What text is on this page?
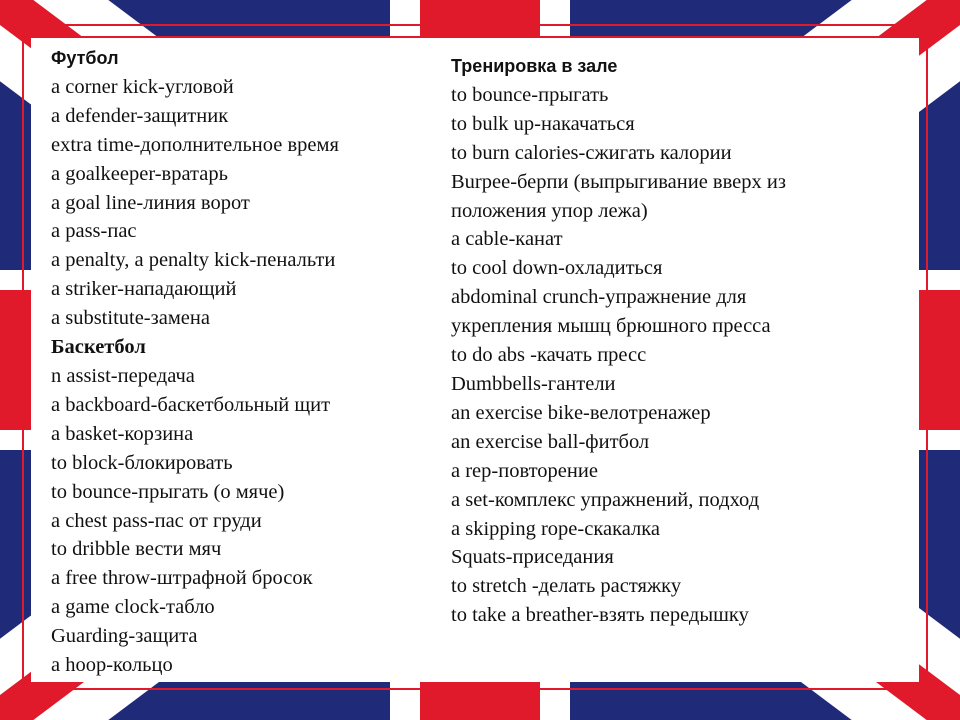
Футбол
a corner kick-угловой
a defender-защитник
extra time-дополнительное время
a goalkeeper-вратарь
a goal line-линия ворот
a pass-пас
a penalty, a penalty kick-пенальти
a striker-нападающий
a substitute-замена
Баскетбол
n assist-передача
a backboard-баскетбольный щит
a basket-корзина
to block-блокировать
to bounce-прыгать (о мяче)
a chest pass-пас от груди
to dribble вести мяч
a free throw-штрафной бросок
a game clock-табло
Guarding-защита
a hoop-кольцо
Тренировка в зале
to bounce-прыгать
to bulk up-накачаться
to burn calories-сжигать калории
Burpee-берпи (выпрыгивание вверх из положения упор лежа)
a cable-канат
to cool down-охладиться
abdominal crunch-упражнение для укрепления мышц брюшного пресса
to do abs -качать пресс
Dumbbells-гантели
an exercise bike-велотренажер
an exercise ball-фитбол
a rep-повторение
a set-комплекс упражнений, подход
a skipping rope-скакалка
Squats-приседания
to stretch -делать растяжку
to take a breather-взять передышку
